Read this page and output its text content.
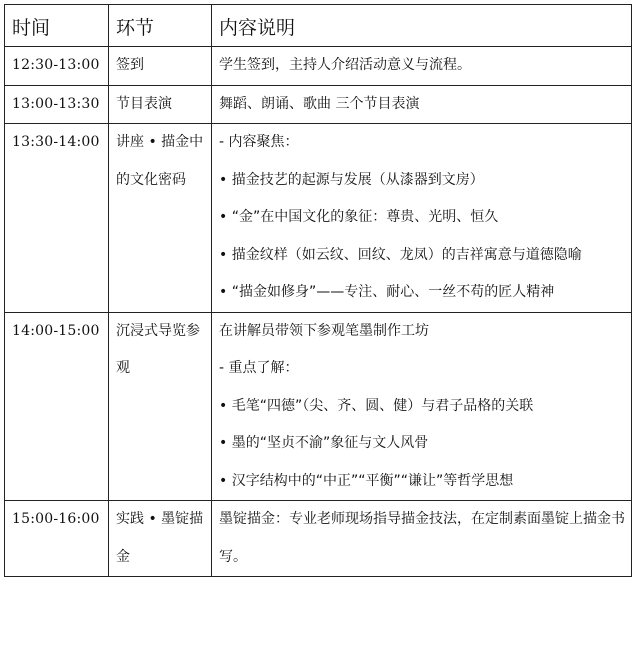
时间	环节	内容说明
12:30-13:00	签到	学生签到，主持人介绍活动意义与流程。

13:00-13:30	节目表演	舞蹈、朗诵、歌曲 三个节目表演

13:30-14:00	讲座 • 描金中的文化密码	- 内容聚焦：
• 描金技艺的起源与发展（从漆器到文房）
• “金”在中国文化的象征：尊贵、光明、恒久
• 描金纹样（如云纹、回纹、龙凤）的吉祥寓意与道德隐喻
• “描金如修身”——专注、耐心、一丝不苟的匠人精神

14:00-15:00	沉浸式导览参观	在讲解员带领下参观笔墨制作工坊
- 重点了解：
• 毛笔“四德”（尖、齐、圆、健）与君子品格的关联
• 墨的“坚贞不渝”象征与文人风骨
• 汉字结构中的“中正”“平衡”“谦让”等哲学思想

15:00-16:00	实践 • 墨锭描金	墨锭描金：专业老师现场指导描金技法，在定制素面墨锭上描金书写。
